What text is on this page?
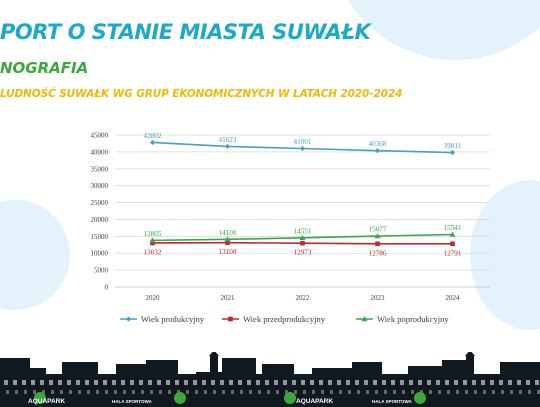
PORT O STANIE MIASTA SUWAŁK
NOGRAFIA
LUDNOŚĆ SUWAŁK WG GRUP EKONOMICZNYCH W LATACH 2020-2024
0
5000
10000
15000
20000
25000
30000
35000
40000
45000
2020	2021	2022	2023	2024
42802	41623	41001	40368	39811
13032	13108	12973	12786	12791
13805	14108	14551	15077	15541
Wiek produkcyjny	Wiek przedprodukcyjny	Wiek poprodukcyjny
AQUAPARK	HALA SPORTOWA	AQUAPARK	HALA SPORTOWA
